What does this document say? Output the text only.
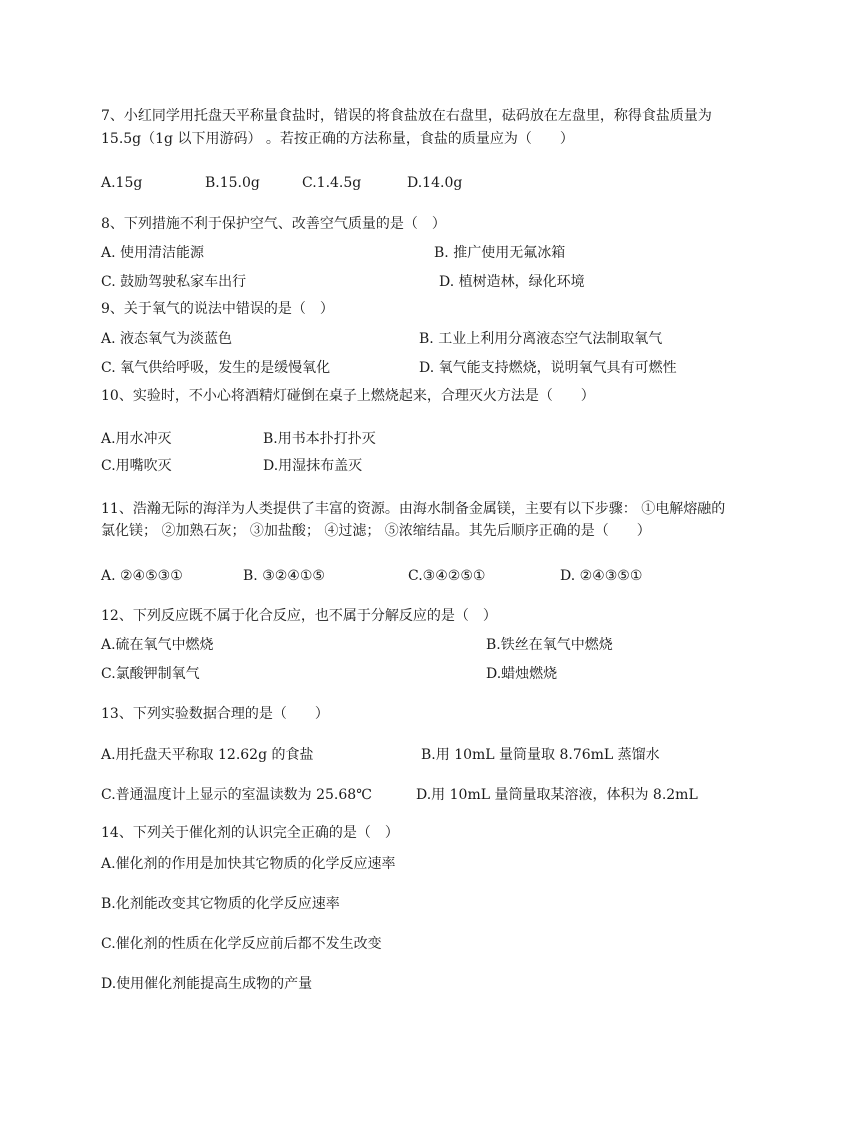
7、小红同学用托盘天平称量食盐时，错误的将食盐放在右盘里，砝码放在左盘里，称得食盐质量为
15.5g（1g 以下用游码） 。若按正确的方法称量，食盐的质量应为（　　）
A.15g	B.15.0g	C.1.4.5g	D.14.0g
8、下列措施不利于保护空气、改善空气质量的是（　）
A. 使用清洁能源	B. 推广使用无氟冰箱
C. 鼓励驾驶私家车出行	D. 植树造林，绿化环境
9、关于氧气的说法中错误的是（　）
A. 液态氧气为淡蓝色	B. 工业上利用分离液态空气法制取氧气
C. 氧气供给呼吸，发生的是缓慢氧化	D. 氧气能支持燃烧，说明氧气具有可燃性
10、实验时，不小心将酒精灯碰倒在桌子上燃烧起来，合理灭火方法是（　　）
A.用水冲灭	B.用书本扑打扑灭
C.用嘴吹灭	D.用湿抹布盖灭
11、浩瀚无际的海洋为人类提供了丰富的资源。由海水制备金属镁，主要有以下步骤： ①电解熔融的
氯化镁； ②加熟石灰； ③加盐酸； ④过滤； ⑤浓缩结晶。其先后顺序正确的是（　　）
A. ②④⑤③①	B. ③②④①⑤	C.③④②⑤①	D. ②④③⑤①
12、下列反应既不属于化合反应，也不属于分解反应的是（　）
A.硫在氧气中燃烧	B.铁丝在氧气中燃烧
C.氯酸钾制氧气	D.蜡烛燃烧
13、下列实验数据合理的是（　　）
A.用托盘天平称取 12.62g 的食盐	B.用 10mL 量筒量取 8.76mL 蒸馏水
C.普通温度计上显示的室温读数为 25.68℃	D.用 10mL 量筒量取某溶液，体积为 8.2mL
14、下列关于催化剂的认识完全正确的是（　）
A.催化剂的作用是加快其它物质的化学反应速率
B.化剂能改变其它物质的化学反应速率
C.催化剂的性质在化学反应前后都不发生改变
D.使用催化剂能提高生成物的产量
